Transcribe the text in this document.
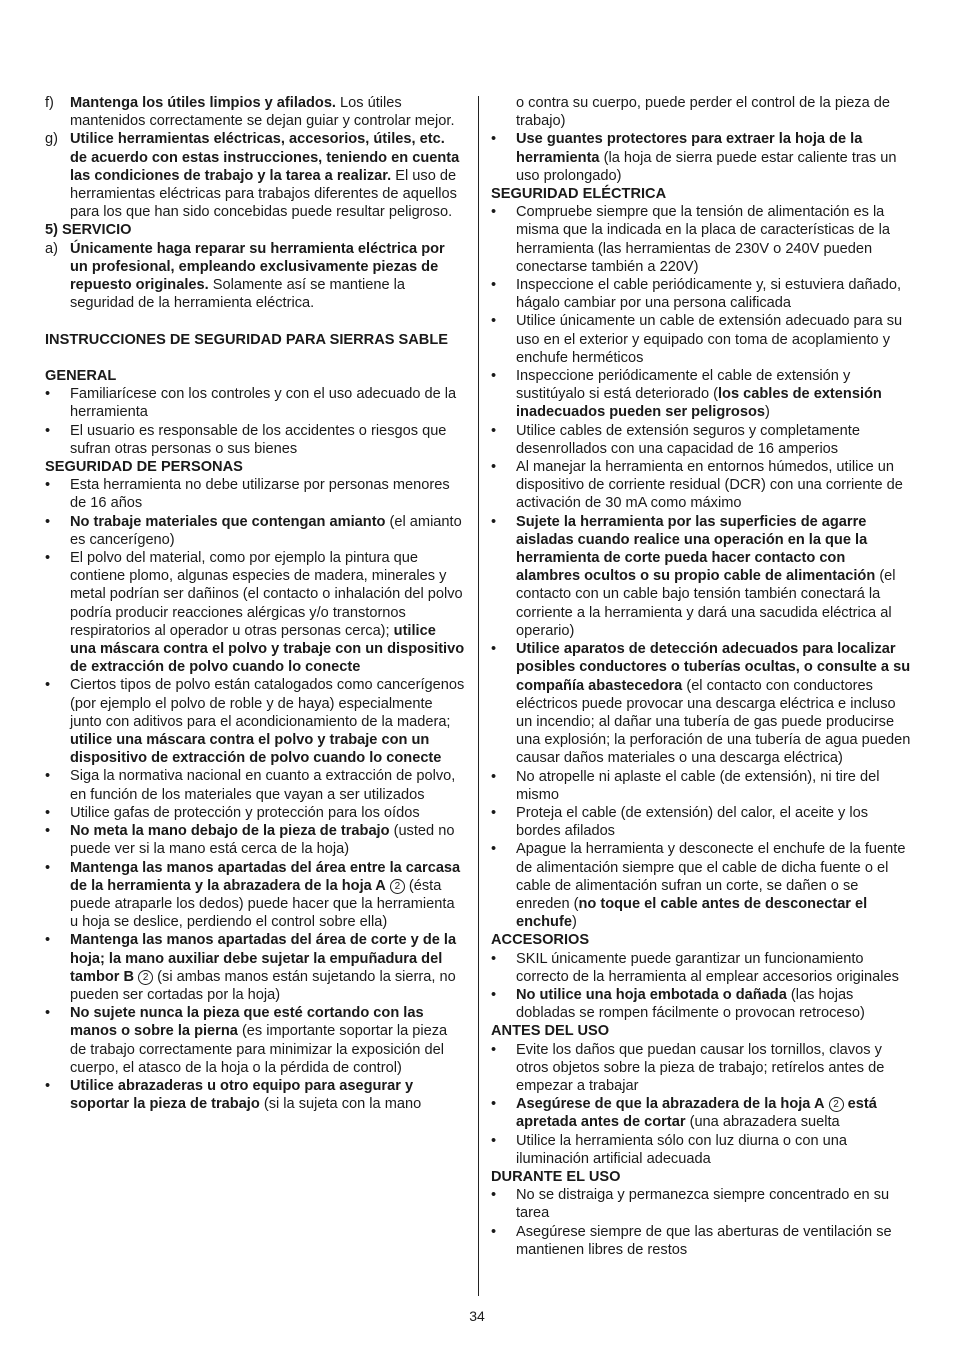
f) Mantenga los útiles limpios y afilados. Los útiles mantenidos correctamente se dejan guiar y controlar mejor.

g) Utilice herramientas eléctricas, accesorios, útiles, etc. de acuerdo con estas instrucciones, teniendo en cuenta las condiciones de trabajo y la tarea a realizar. El uso de herramientas eléctricas para trabajos diferentes de aquellos para los que han sido concebidas puede resultar peligroso.

5) SERVICIO

a) Únicamente haga reparar su herramienta eléctrica por un profesional, empleando exclusivamente piezas de repuesto originales. Solamente así se mantiene la seguridad de la herramienta eléctrica.

INSTRUCCIONES DE SEGURIDAD PARA SIERRAS SABLE

GENERAL

• Familiarícese con los controles y con el uso adecuado de la herramienta

• El usuario es responsable de los accidentes o riesgos que sufran otras personas o sus bienes

SEGURIDAD DE PERSONAS

• Esta herramienta no debe utilizarse por personas menores de 16 años

• No trabaje materiales que contengan amianto (el amianto es cancerígeno)

• El polvo del material, como por ejemplo la pintura que contiene plomo, algunas especies de madera, minerales y metal podrían ser dañinos (el contacto o inhalación del polvo podría producir reacciones alérgicas y/o transtornos respiratorios al operador u otras personas cerca); utilice una máscara contra el polvo y trabaje con un dispositivo de extracción de polvo cuando lo conecte

• Ciertos tipos de polvo están catalogados como cancerígenos (por ejemplo el polvo de roble y de haya) especialmente junto con aditivos para el acondicionamiento de la madera; utilice una máscara contra el polvo y trabaje con un dispositivo de extracción de polvo cuando lo conecte

• Siga la normativa nacional en cuanto a extracción de polvo, en función de los materiales que vayan a ser utilizados

• Utilice gafas de protección y protección para los oídos

• No meta la mano debajo de la pieza de trabajo (usted no puede ver si la mano está cerca de la hoja)

• Mantenga las manos apartadas del área entre la carcasa de la herramienta y la abrazadera de la hoja A 2 (ésta puede atraparle los dedos) puede hacer que la herramienta u hoja se deslice, perdiendo el control sobre ella)

• Mantenga las manos apartadas del área de corte y de la hoja; la mano auxiliar debe sujetar la empuñadura del tambor B 2 (si ambas manos están sujetando la sierra, no pueden ser cortadas por la hoja)

• No sujete nunca la pieza que esté cortando con las manos o sobre la pierna (es importante soportar la pieza de trabajo correctamente para minimizar la exposición del cuerpo, el atasco de la hoja o la pérdida de control)

• Utilice abrazaderas u otro equipo para asegurar y soportar la pieza de trabajo (si la sujeta con la mano

o contra su cuerpo, puede perder el control de la pieza de trabajo)

• Use guantes protectores para extraer la hoja de la herramienta (la hoja de sierra puede estar caliente tras un uso prolongado)

SEGURIDAD ELÉCTRICA

• Compruebe siempre que la tensión de alimentación es la misma que la indicada en la placa de características de la herramienta (las herramientas de 230V o 240V pueden conectarse también a 220V)

• Inspeccione el cable periódicamente y, si estuviera dañado, hágalo cambiar por una persona calificada

• Utilice únicamente un cable de extensión adecuado para su uso en el exterior y equipado con toma de acoplamiento y enchufe herméticos

• Inspeccione periódicamente el cable de extensión y sustitúyalo si está deteriorado (los cables de extensión inadecuados pueden ser peligrosos)

• Utilice cables de extensión seguros y completamente desenrollados con una capacidad de 16 amperios

• Al manejar la herramienta en entornos húmedos, utilice un dispositivo de corriente residual (DCR) con una corriente de activación de 30 mA como máximo

• Sujete la herramienta por las superficies de agarre aisladas cuando realice una operación en la que la herramienta de corte pueda hacer contacto con alambres ocultos o su propio cable de alimentación (el contacto con un cable bajo tensión también conectará la corriente a la herramienta y dará una sacudida eléctrica al operario)

• Utilice aparatos de detección adecuados para localizar posibles conductores o tuberías ocultas, o consulte a su compañía abastecedora (el contacto con conductores eléctricos puede provocar una descarga eléctrica e incluso un incendio; al dañar una tubería de gas puede producirse una explosión; la perforación de una tubería de agua pueden causar daños materiales o una descarga eléctrica)

• No atropelle ni aplaste el cable (de extensión), ni tire del mismo

• Proteja el cable (de extensión) del calor, el aceite y los bordes afilados

• Apague la herramienta y desconecte el enchufe de la fuente de alimentación siempre que el cable de dicha fuente o el cable de alimentación sufran un corte, se dañen o se enreden (no toque el cable antes de desconectar el enchufe)

ACCESORIOS

• SKIL únicamente puede garantizar un funcionamiento correcto de la herramienta al emplear accesorios originales

• No utilice una hoja embotada o dañada (las hojas dobladas se rompen fácilmente o provocan retroceso)

ANTES DEL USO

• Evite los daños que puedan causar los tornillos, clavos y otros objetos sobre la pieza de trabajo; retírelos antes de empezar a trabajar

• Asegúrese de que la abrazadera de la hoja A 2 está apretada antes de cortar (una abrazadera suelta

• Utilice la herramienta sólo con luz diurna o con una iluminación artificial adecuada

DURANTE EL USO

• No se distraiga y permanezca siempre concentrado en su tarea

• Asegúrese siempre de que las aberturas de ventilación se mantienen libres de restos

34
